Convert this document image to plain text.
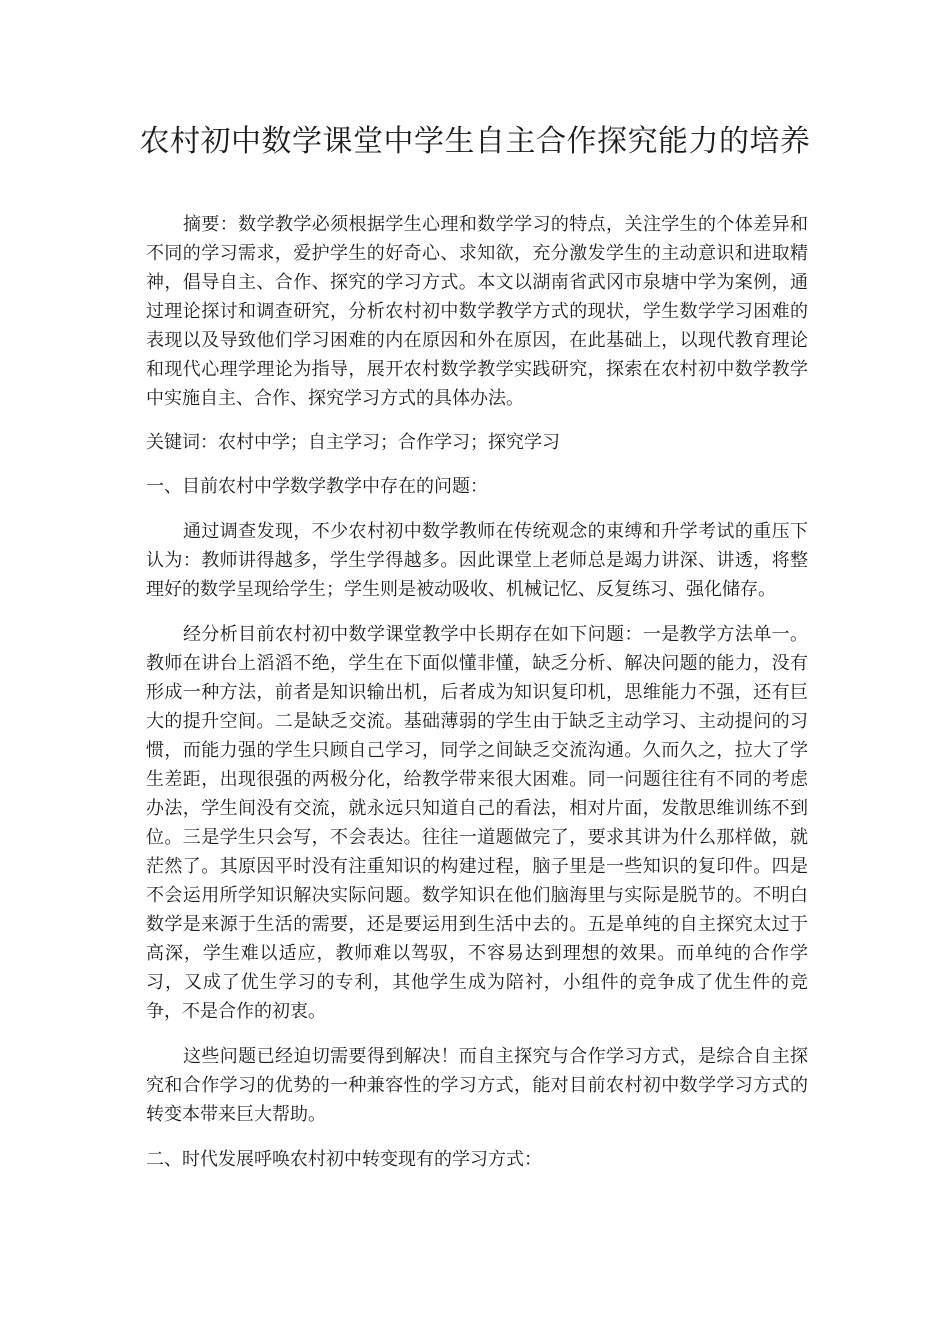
农村初中数学课堂中学生自主合作探究能力的培养

摘要：数学教学必须根据学生心理和数学学习的特点，关注学生的个体差异和不同的学习需求，爱护学生的好奇心、求知欲，充分激发学生的主动意识和进取精神，倡导自主、合作、探究的学习方式。本文以湖南省武冈市泉塘中学为案例，通过理论探讨和调查研究，分析农村初中数学教学方式的现状，学生数学学习困难的表现以及导致他们学习困难的内在原因和外在原因，在此基础上，以现代教育理论和现代心理学理论为指导，展开农村数学教学实践研究，探索在农村初中数学教学中实施自主、合作、探究学习方式的具体办法。

关键词：农村中学；自主学习；合作学习；探究学习

一、目前农村中学数学教学中存在的问题：

通过调查发现，不少农村初中数学教师在传统观念的束缚和升学考试的重压下认为：教师讲得越多，学生学得越多。因此课堂上老师总是竭力讲深、讲透，将整理好的数学呈现给学生；学生则是被动吸收、机械记忆、反复练习、强化储存。

经分析目前农村初中数学课堂教学中长期存在如下问题：一是教学方法单一。教师在讲台上滔滔不绝，学生在下面似懂非懂，缺乏分析、解决问题的能力，没有形成一种方法，前者是知识输出机，后者成为知识复印机，思维能力不强，还有巨大的提升空间。二是缺乏交流。基础薄弱的学生由于缺乏主动学习、主动提问的习惯，而能力强的学生只顾自己学习，同学之间缺乏交流沟通。久而久之，拉大了学生差距，出现很强的两极分化，给教学带来很大困难。同一问题往往有不同的考虑办法，学生间没有交流，就永远只知道自己的看法，相对片面，发散思维训练不到位。三是学生只会写，不会表达。往往一道题做完了，要求其讲为什么那样做，就茫然了。其原因平时没有注重知识的构建过程，脑子里是一些知识的复印件。四是不会运用所学知识解决实际问题。数学知识在他们脑海里与实际是脱节的。不明白数学是来源于生活的需要，还是要运用到生活中去的。五是单纯的自主探究太过于高深，学生难以适应，教师难以驾驭，不容易达到理想的效果。而单纯的合作学习，又成了优生学习的专利，其他学生成为陪衬，小组件的竞争成了优生件的竞争，不是合作的初衷。

这些问题已经迫切需要得到解决！而自主探究与合作学习方式，是综合自主探究和合作学习的优势的一种兼容性的学习方式，能对目前农村初中数学学习方式的转变本带来巨大帮助。

二、时代发展呼唤农村初中转变现有的学习方式：
